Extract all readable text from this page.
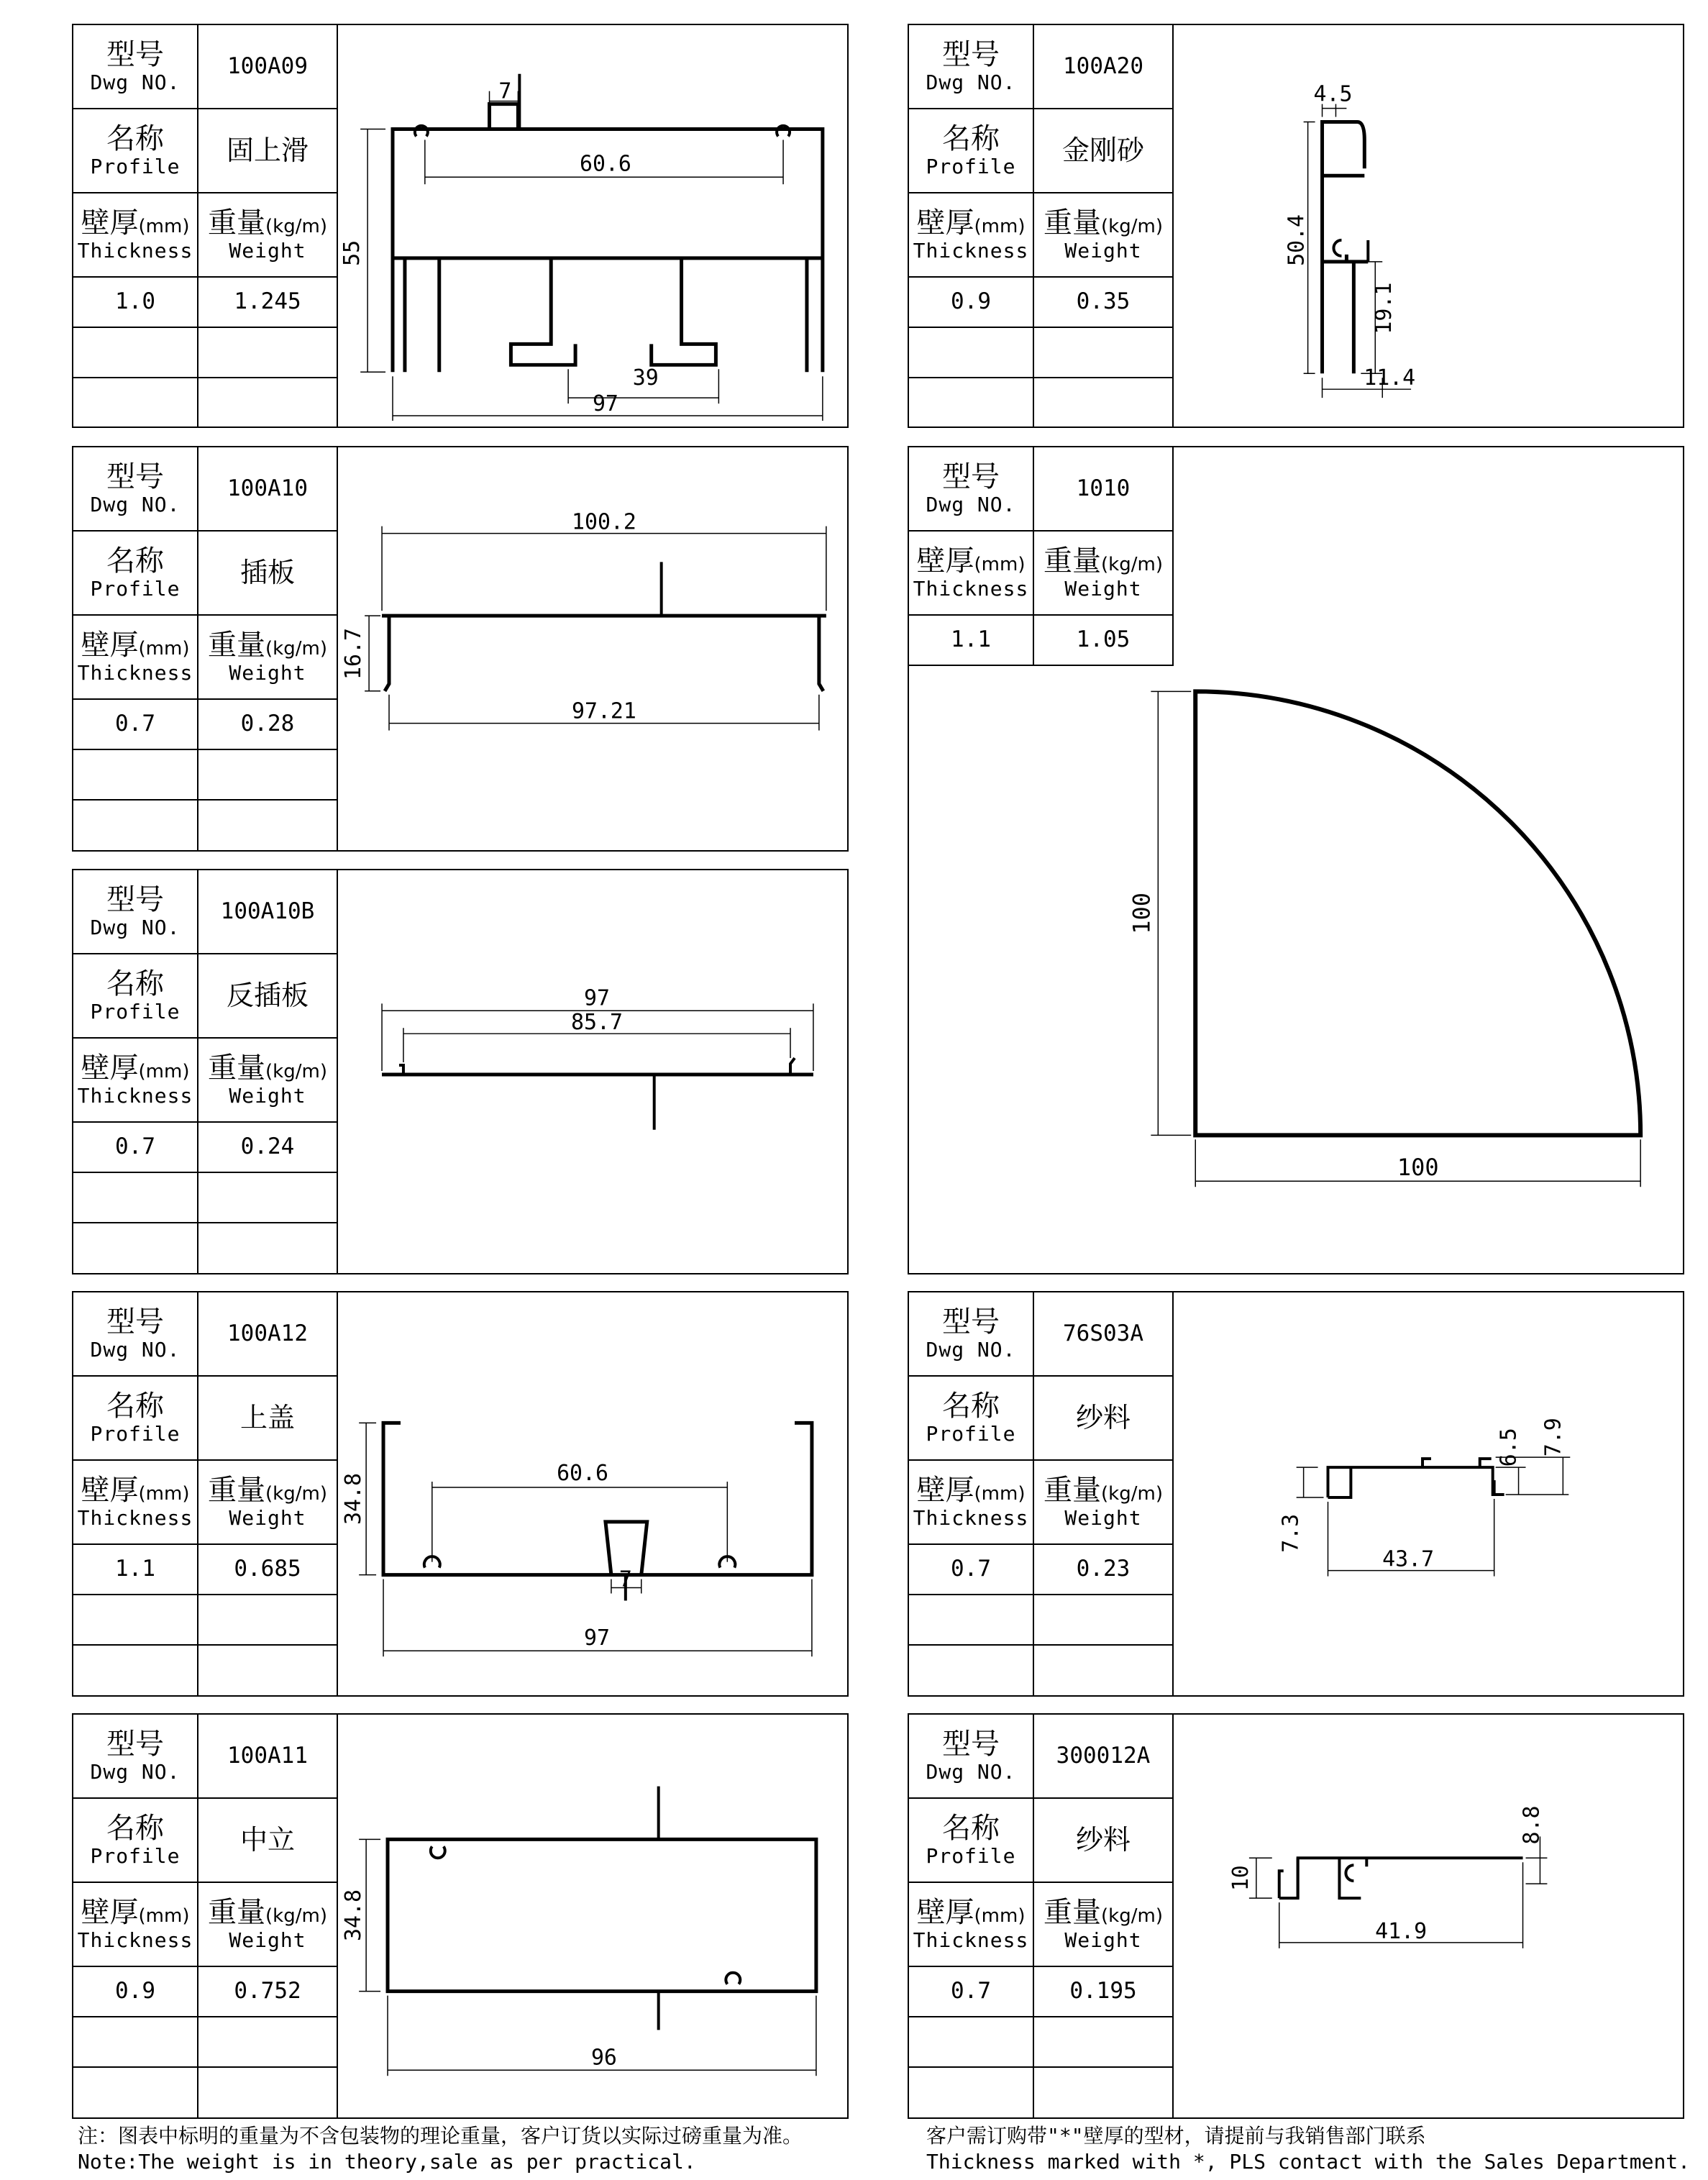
型号
Dwg NO.
100A09
名称
Profile
固上滑
壁厚(mm)
Thickness
重量(kg/m)
Weight
1.0	1.245
7
60.6
55
39
97
型号
Dwg NO.
100A20
名称
Profile
金刚砂
壁厚(mm)
Thickness
重量(kg/m)
Weight
0.9	0.35
4.5
50.4
19.1
11.4
型号
Dwg NO.
100A10
名称
Profile
插板
壁厚(mm)
Thickness
重量(kg/m)
Weight
0.7	0.28
100.2
16.7
97.21
型号
Dwg NO.
1010
壁厚(mm)
Thickness
重量(kg/m)
Weight
1.1	1.05
100
100
型号
Dwg NO.
100A10B
名称
Profile
反插板
壁厚(mm)
Thickness
重量(kg/m)
Weight
0.7	0.24
97
85.7
型号
Dwg NO.
100A12
名称
Profile
上盖
壁厚(mm)
Thickness
重量(kg/m)
Weight
1.1	0.685
60.6
34.8
7
97
型号
Dwg NO.
76S03A
名称
Profile
纱料
壁厚(mm)
Thickness
重量(kg/m)
Weight
0.7	0.23
6.5 7.9
7.3
43.7
型号
Dwg NO.
100A11
名称
Profile
中立
壁厚(mm)
Thickness
重量(kg/m)
Weight
0.9	0.752
34.8
96
型号
Dwg NO.
300012A
名称
Profile
纱料
壁厚(mm)
Thickness
重量(kg/m)
Weight
0.7	0.195
8.8
10
41.9
注：图表中标明的重量为不含包装物的理论重量，客户订货以实际过磅重量为准。
Note:The weight is in theory,sale as per practical.
客户需订购带"*"壁厚的型材，请提前与我销售部门联系
Thickness marked with *, PLS contact with the Sales Department.
